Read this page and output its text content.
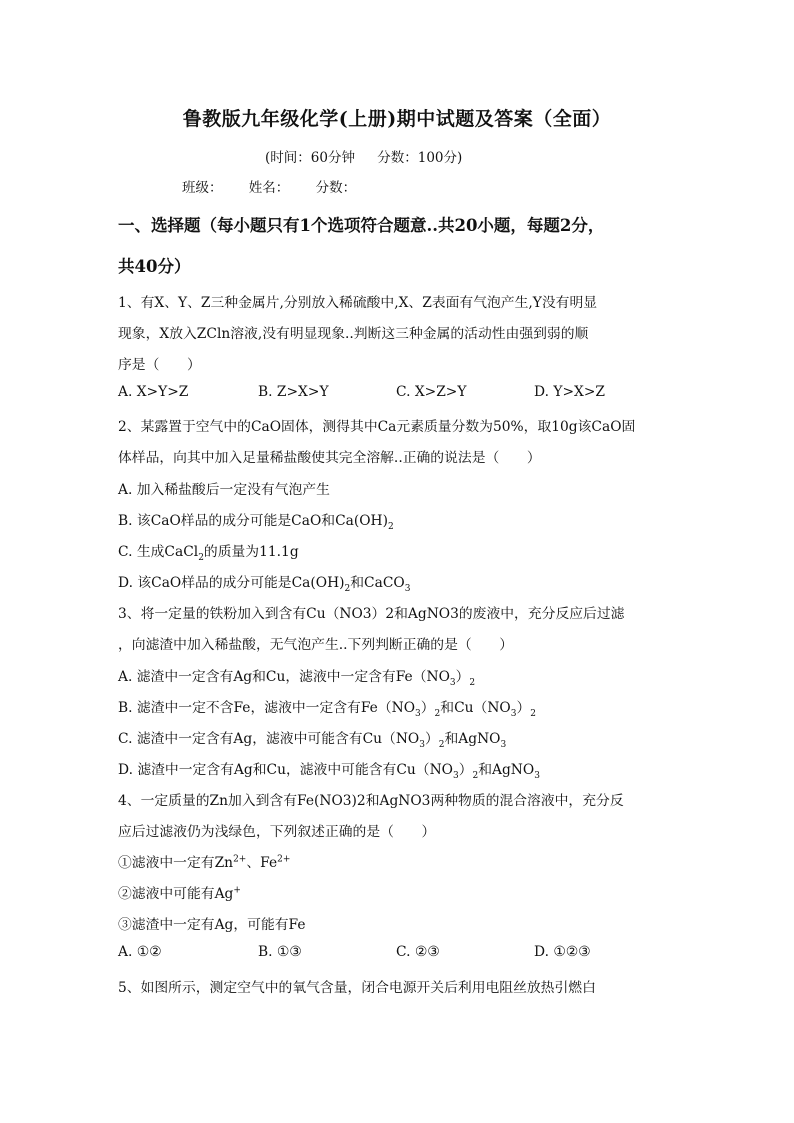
鲁教版九年级化学(上册)期中试题及答案（全面）
(时间：60分钟 分数：100分)
班级： 姓名： 分数：
一、选择题（每小题只有1个选项符合题意..共20小题，每题2分，
共40分）
1、有X、Y、Z三种金属片,分别放入稀硫酸中,X、Z表面有气泡产生,Y没有明显
现象，X放入ZCln溶液,没有明显现象..判断这三种金属的活动性由强到弱的顺
序是（　　）
A. X>Y>Z	B. Z>X>Y	C. X>Z>Y	D. Y>X>Z
2、某露置于空气中的CaO固体，测得其中Ca元素质量分数为50%，取10g该CaO固
体样品，向其中加入足量稀盐酸使其完全溶解..正确的说法是（　　）
A. 加入稀盐酸后一定没有气泡产生
B. 该CaO样品的成分可能是CaO和$Ca(OH)_2$
C. 生成CaCl$_2$的质量为11.1g
D. 该CaO样品的成分可能是$Ca(OH)_2$和CaCO$_3$
3、将一定量的铁粉加入到含有Cu（NO3）2和AgNO3的废液中，充分反应后过滤
，向滤渣中加入稀盐酸，无气泡产生..下列判断正确的是（　　）
A. 滤渣中一定含有Ag和Cu，滤液中一定含有$Fe(NO_3)_2$
B. 滤渣中一定不含Fe，滤液中一定含有$Fe(NO_3)_2$和$Cu(NO_3)_2$
C. 滤渣中一定含有Ag，滤液中可能含有$Cu(NO_3)_2$和AgNO$_3$
D. 滤渣中一定含有Ag和Cu，滤液中可能含有$Cu(NO_3)_2$和AgNO$_3$
4、一定质量的Zn加入到含有Fe(NO3)2和AgNO3两种物质的混合溶液中，充分反
应后过滤液仍为浅绿色，下列叙述正确的是（　　）
①滤液中一定有$Zn^{2+}$、$Fe^{2+}$
②滤液中可能有Ag+
③滤渣中一定有Ag，可能有Fe
A. ①②	B. ①③	C. ②③	D. ①②③
5、如图所示，测定空气中的氧气含量，闭合电源开关后利用电阻丝放热引燃白
